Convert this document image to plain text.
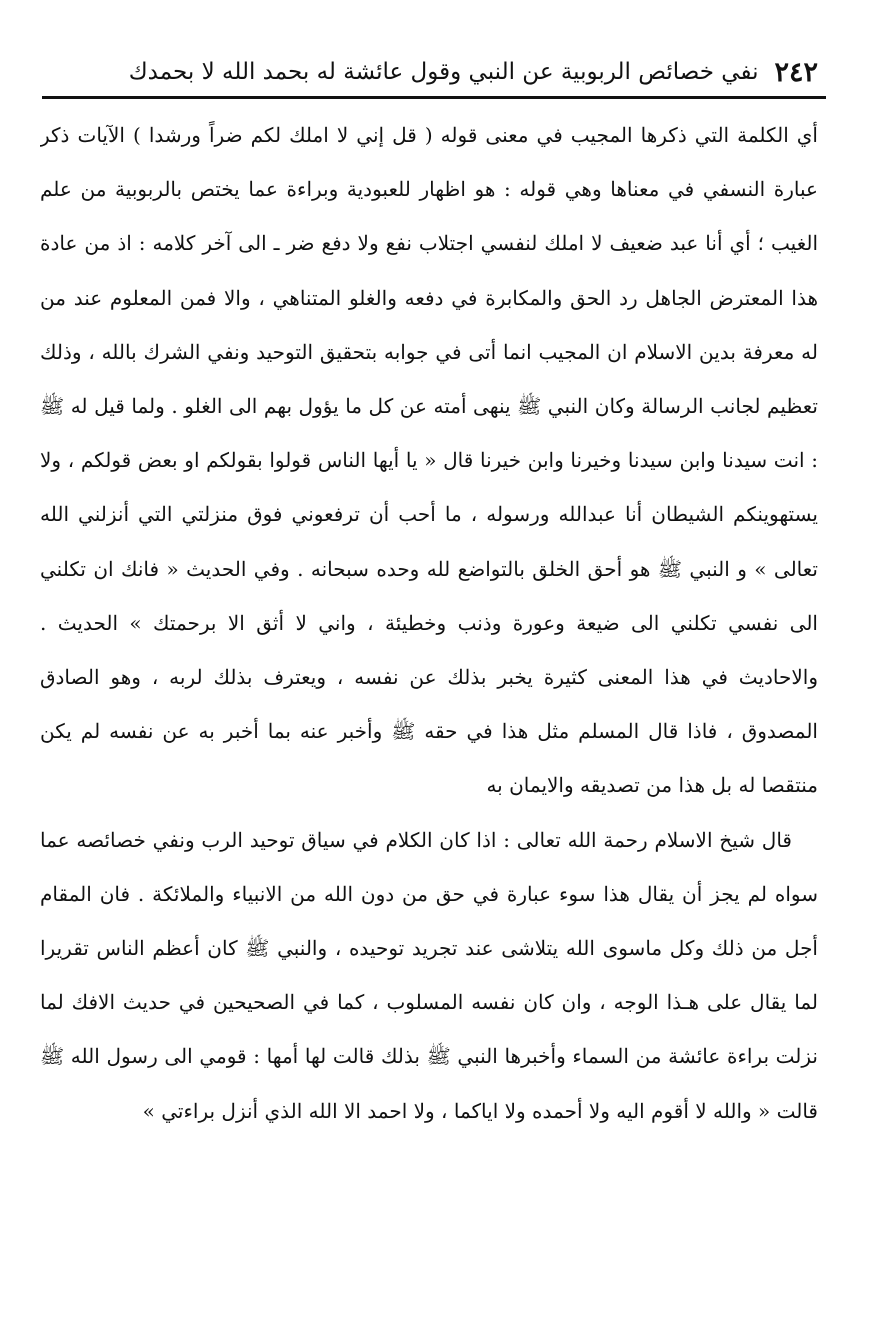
٢٤٢
نفي خصائص الربوبية عن النبي وقول عائشة له بحمد الله لا بحمدك

أي الكلمة التي ذكرها المجيب في معنى قوله ( قل إني لا املك لكم ضراً ورشدا ) الآيات ذكر عبارة النسفي في معناها وهي قوله : هو اظهار للعبودية وبراءة عما يختص بالربوبية من علم الغيب ؛ أي أنا عبد ضعيف لا املك لنفسي اجتلاب نفع ولا دفع ضر ـ الى آخر كلامه : اذ من عادة هذا المعترض الجاهل رد الحق والمكابرة في دفعه والغلو المتناهي ، والا فمن المعلوم عند من له معرفة بدين الاسلام ان المجيب انما أتى في جوابه بتحقيق التوحيد ونفي الشرك بالله ، وذلك تعظيم لجانب الرسالة وكان النبي ﷺ ينهى أمته عن كل ما يؤول بهم الى الغلو . ولما قيل له ﷺ : انت سيدنا وابن سيدنا وخيرنا وابن خيرنا قال « يا أيها الناس قولوا بقولكم او بعض قولكم ، ولا يستهوينكم الشيطان أنا عبدالله ورسوله ، ما أحب أن ترفعوني فوق منزلتي التي أنزلني الله تعالى » و النبي ﷺ هو أحق الخلق بالتواضع لله وحده سبحانه . وفي الحديث « فانك ان تكلني الى نفسي تكلني الى ضيعة وعورة وذنب وخطيئة ، واني لا أثق الا برحمتك » الحديث . والاحاديث في هذا المعنى كثيرة يخبر بذلك عن نفسه ، ويعترف بذلك لربه ، وهو الصادق المصدوق ، فاذا قال المسلم مثل هذا في حقه ﷺ وأخبر عنه بما أخبر به عن نفسه لم يكن منتقصا له بل هذا من تصديقه والايمان به

قال شيخ الاسلام رحمة الله تعالى : اذا كان الكلام في سياق توحيد الرب ونفي خصائصه عما سواه لم يجز أن يقال هذا سوء عبارة في حق من دون الله من الانبياء والملائكة . فان المقام أجل من ذلك وكل ماسوى الله يتلاشى عند تجريد توحيده ، والنبي ﷺ كان أعظم الناس تقريرا لما يقال على هـذا الوجه ، وان كان نفسه المسلوب ، كما في الصحيحين في حديث الافك لما نزلت براءة عائشة من السماء وأخبرها النبي ﷺ بذلك قالت لها أمها : قومي الى رسول الله ﷺ قالت « والله لا أقوم اليه ولا أحمده ولا اياكما ، ولا احمد الا الله الذي أنزل براءتي »
